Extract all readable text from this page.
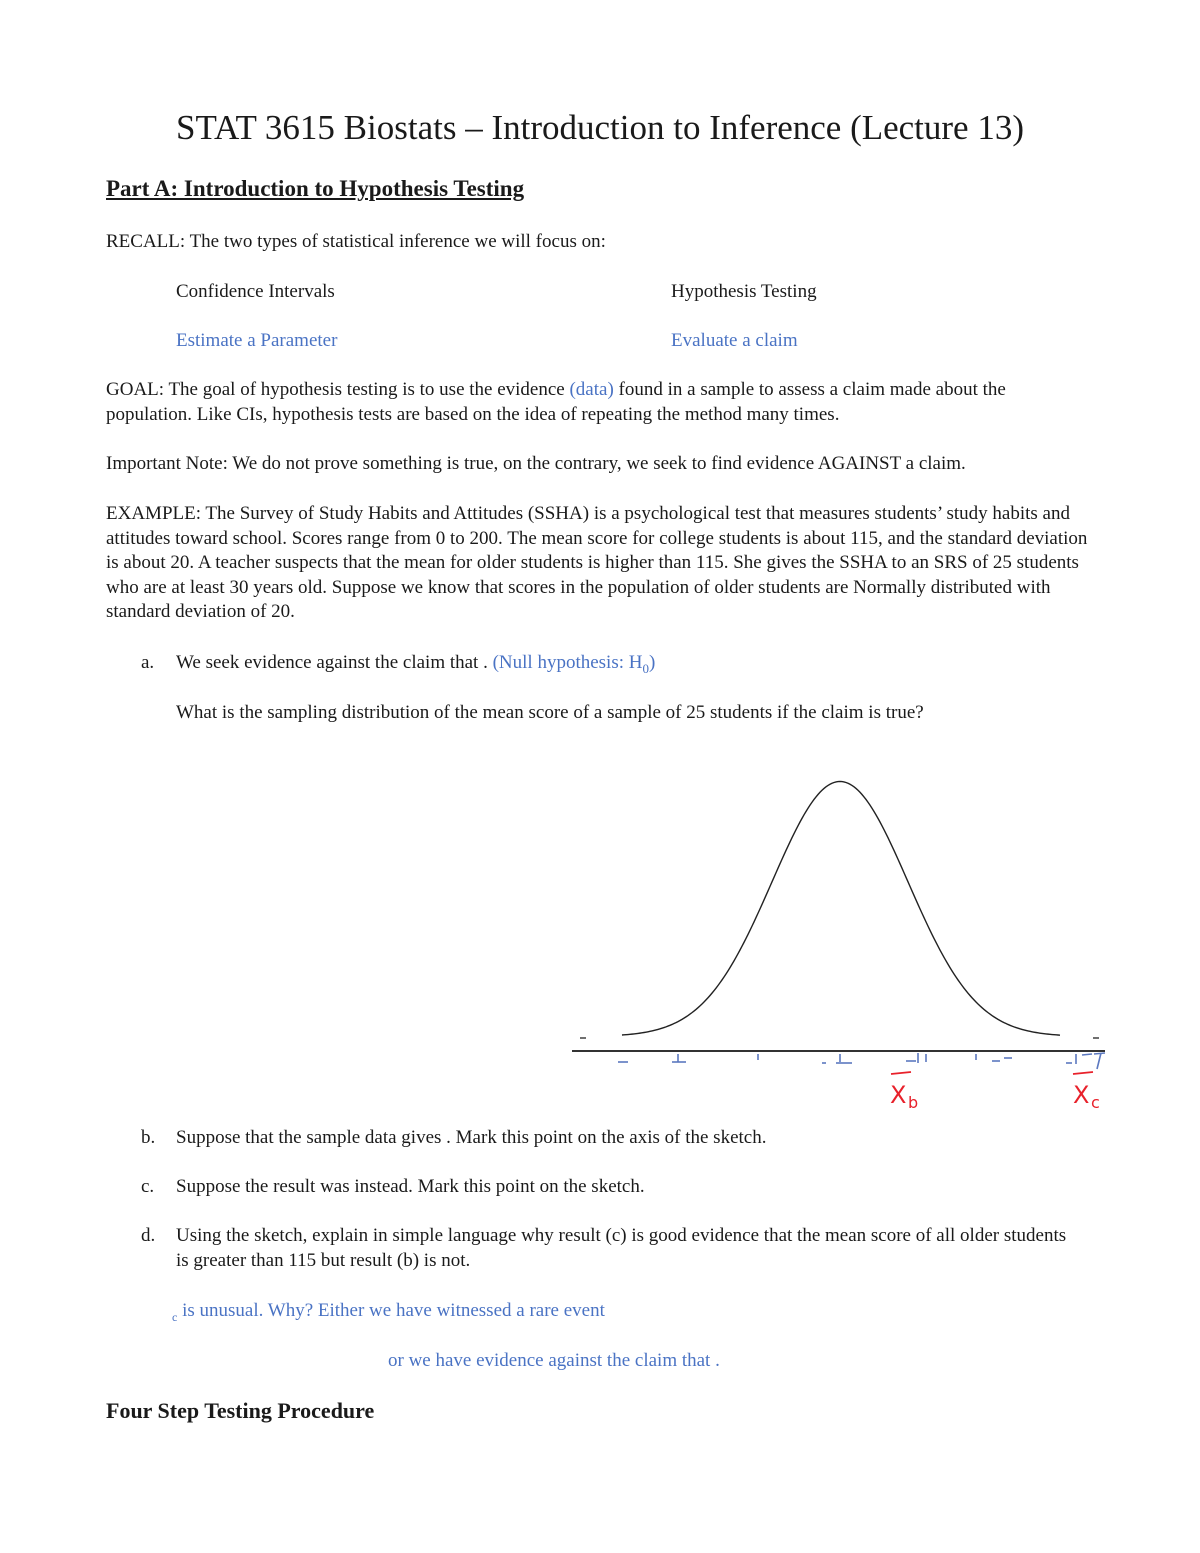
STAT 3615 Biostats – Introduction to Inference (Lecture 13)
Part A: Introduction to Hypothesis Testing
RECALL: The two types of statistical inference we will focus on:
Confidence Intervals	Hypothesis Testing
Estimate a Parameter	Evaluate a claim
GOAL: The goal of hypothesis testing is to use the evidence (data) found in a sample to assess a claim made about the population. Like CIs, hypothesis tests are based on the idea of repeating the method many times.
Important Note: We do not prove something is true, on the contrary, we seek to find evidence AGAINST a claim.
EXAMPLE: The Survey of Study Habits and Attitudes (SSHA) is a psychological test that measures students’ study habits and attitudes toward school. Scores range from 0 to 200. The mean score for college students is about 115, and the standard deviation is about 20. A teacher suspects that the mean for older students is higher than 115. She gives the SSHA to an SRS of 25 students who are at least 30 years old. Suppose we know that scores in the population of older students are Normally distributed with standard deviation of 20.
a. We seek evidence against the claim that . (Null hypothesis: $H_0$)
What is the sampling distribution of the mean score of a sample of 25 students if the claim is true?
X b	X c
b. Suppose that the sample data gives . Mark this point on the axis of the sketch.
c. Suppose the result was instead. Mark this point on the sketch.
d. Using the sketch, explain in simple language why result (c) is good evidence that the mean score of all older students is greater than 115 but result (b) is not.
$_c$ is unusual. Why? Either we have witnessed a rare event
or we have evidence against the claim that .
Four Step Testing Procedure
